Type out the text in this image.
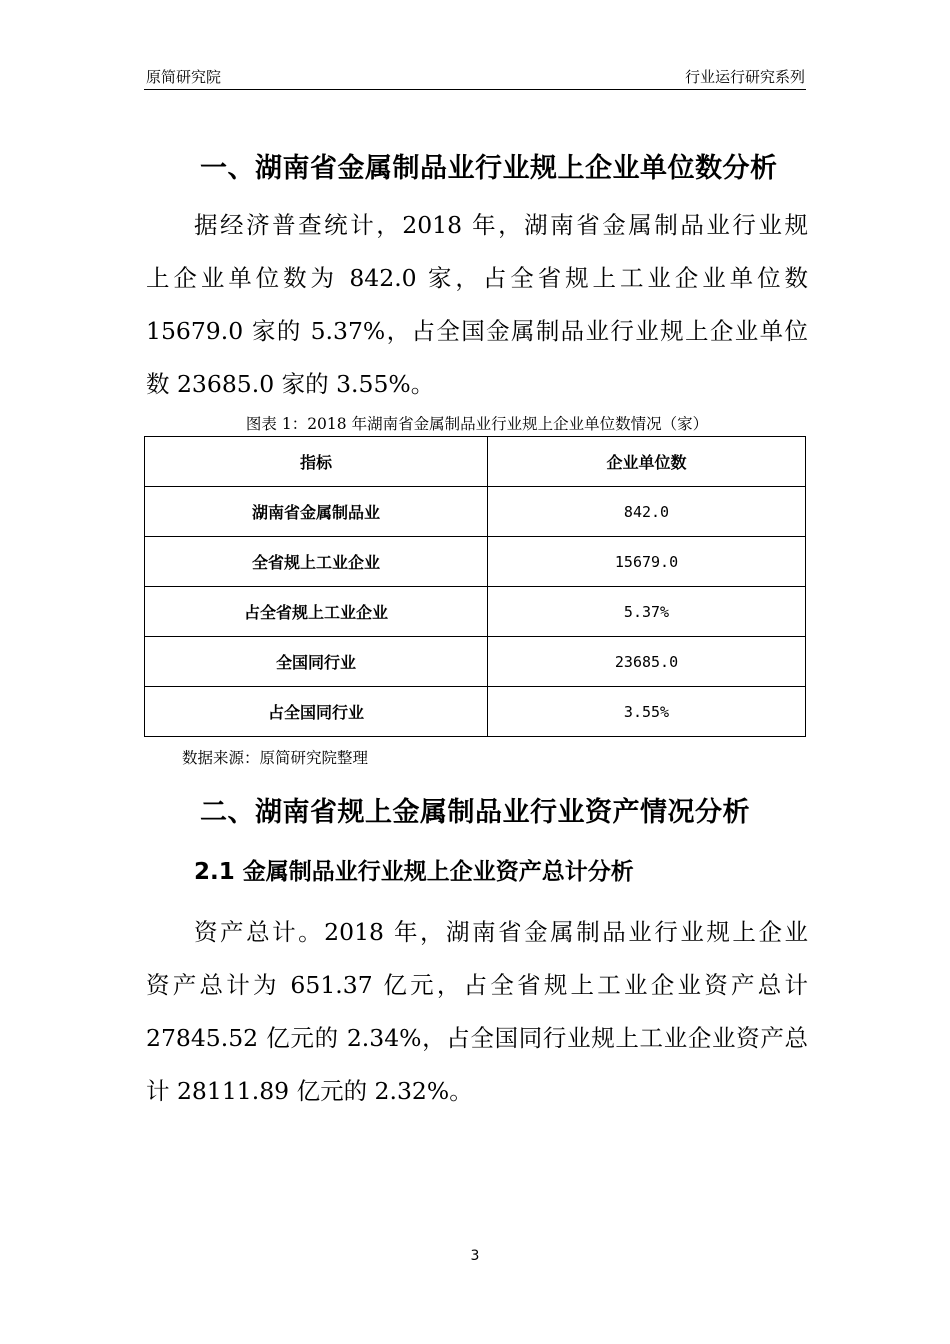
原简研究院	行业运行研究系列
一、湖南省金属制品业行业规上企业单位数分析
据经济普查统计，2018 年，湖南省金属制品业行业规
上企业单位数为 842.0 家，占全省规上工业企业单位数
15679.0 家的 5.37%，占全国金属制品业行业规上企业单位
数 23685.0 家的 3.55%。
图表 1：2018 年湖南省金属制品业行业规上企业单位数情况（家）
指标	企业单位数
湖南省金属制品业	842.0
全省规上工业企业	15679.0
占全省规上工业企业	5.37%
全国同行业	23685.0
占全国同行业	3.55%
数据来源：原简研究院整理
二、湖南省规上金属制品业行业资产情况分析
2.1 金属制品业行业规上企业资产总计分析
资产总计。2018 年，湖南省金属制品业行业规上企业
资产总计为 651.37 亿元，占全省规上工业企业资产总计
27845.52 亿元的 2.34%，占全国同行业规上工业企业资产总
计 28111.89 亿元的 2.32%。
3
